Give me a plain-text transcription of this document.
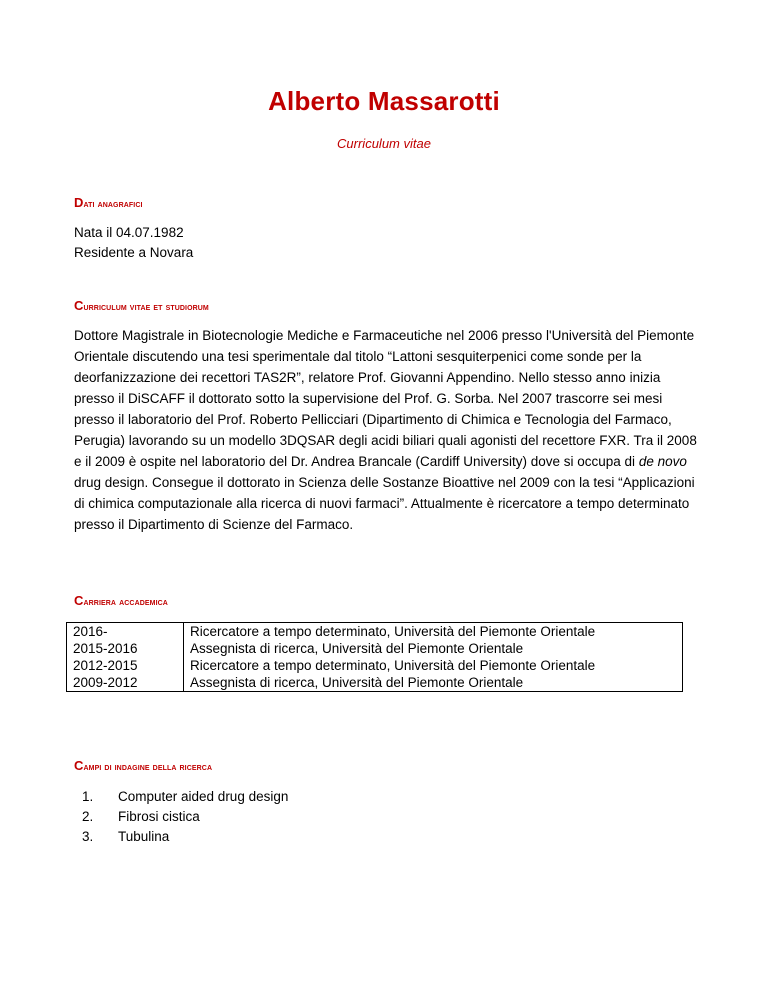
Alberto Massarotti
Curriculum vitae
Dati anagrafici
Nata il 04.07.1982
Residente a Novara
Curriculum vitae et studiorum
Dottore Magistrale in Biotecnologie Mediche e Farmaceutiche nel 2006 presso l'Università del Piemonte Orientale discutendo una tesi sperimentale dal titolo “Lattoni sesquiterpenici come sonde per la deorfanizzazione dei recettori TAS2R”, relatore Prof. Giovanni Appendino. Nello stesso anno inizia presso il DiSCAFF il dottorato sotto la supervisione del Prof. G. Sorba. Nel 2007 trascorre sei mesi presso il laboratorio del Prof. Roberto Pellicciari (Dipartimento di Chimica e Tecnologia del Farmaco, Perugia) lavorando su un modello 3DQSAR degli acidi biliari quali agonisti del recettore FXR. Tra il 2008 e il 2009 è ospite nel laboratorio del Dr. Andrea Brancale (Cardiff University) dove si occupa di de novo drug design. Consegue il dottorato in Scienza delle Sostanze Bioattive nel 2009 con la tesi “Applicazioni di chimica computazionale alla ricerca di nuovi farmaci”. Attualmente è ricercatore a tempo determinato presso il Dipartimento di Scienze del Farmaco.
Carriera accademica
2016-	Ricercatore a tempo determinato, Università del Piemonte Orientale
2015-2016	Assegnista di ricerca, Università del Piemonte Orientale
2012-2015	Ricercatore a tempo determinato, Università del Piemonte Orientale
2009-2012	Assegnista di ricerca, Università del Piemonte Orientale
Campi di indagine della ricerca
1. Computer aided drug design
2. Fibrosi cistica
3. Tubulina
